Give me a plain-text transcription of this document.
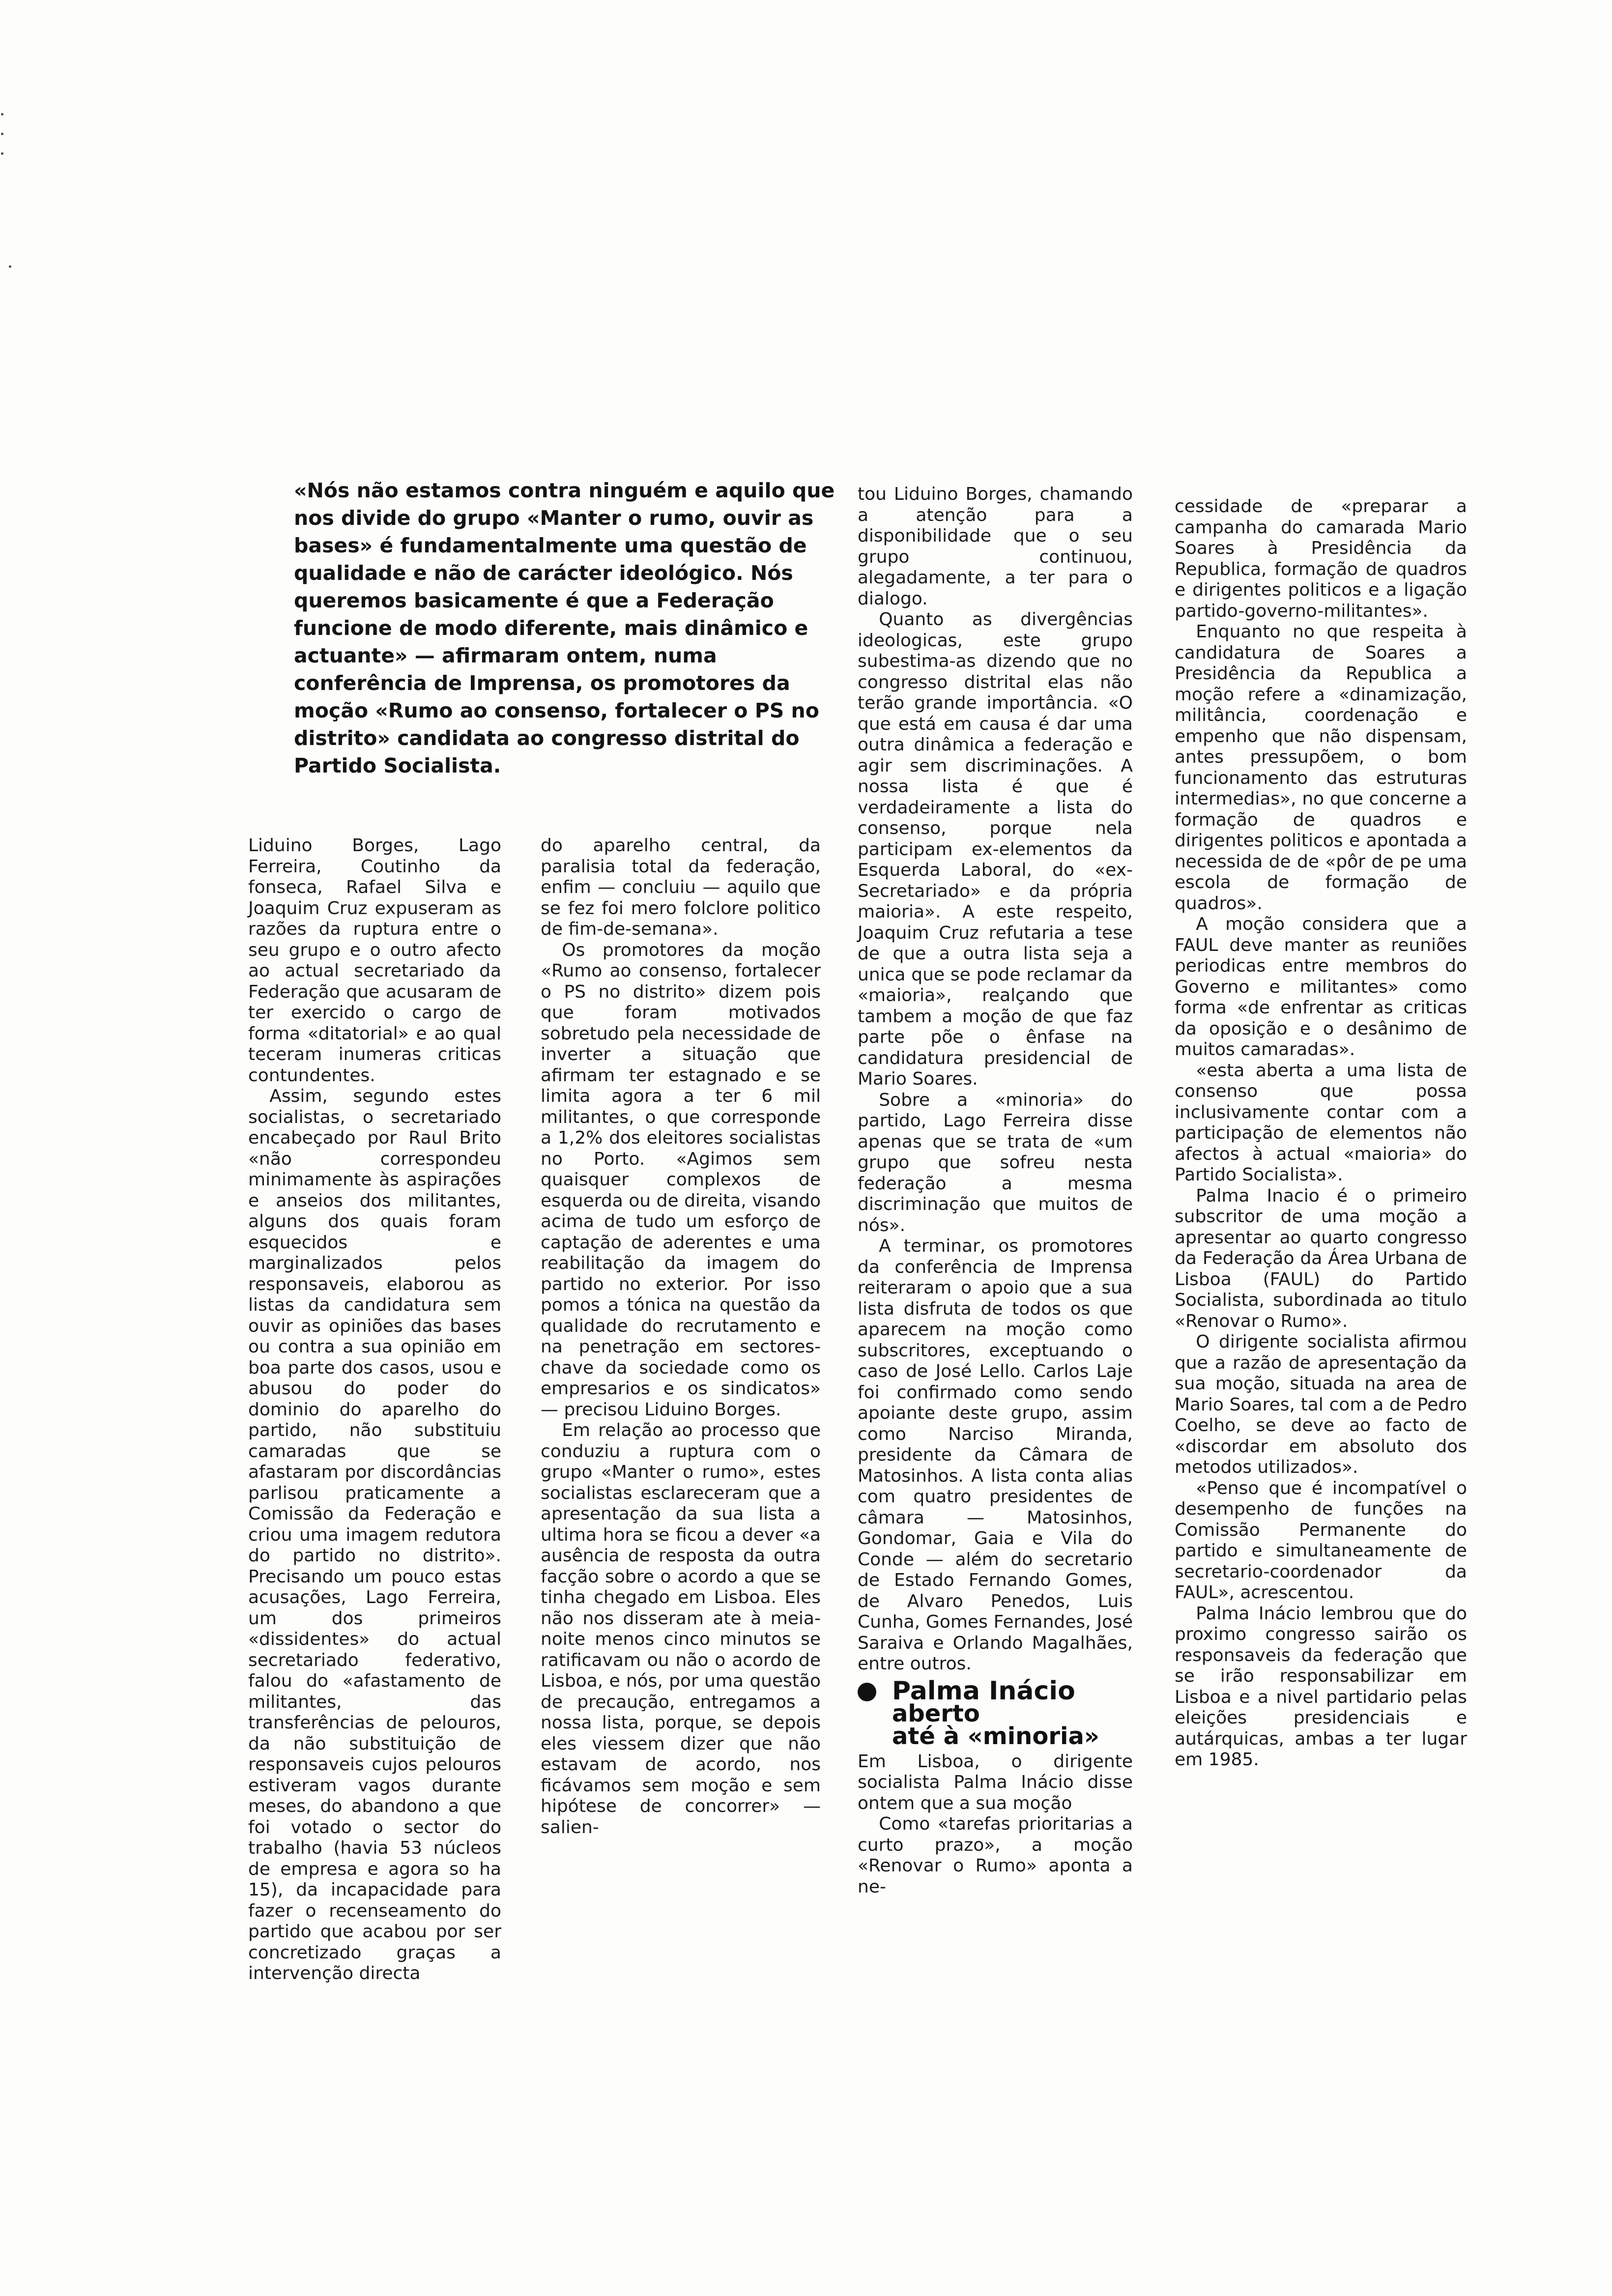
«Nós não estamos contra ninguém e aquilo que nos divide do grupo «Manter o rumo, ouvir as bases» é fundamentalmente uma questão de qualidade e não de carácter ideológico. Nós queremos basicamente é que a Federação funcione de modo diferente, mais dinâmico e actuante» — afirmaram ontem, numa conferência de Imprensa, os promotores da moção «Rumo ao consenso, fortalecer o PS no distrito» candidata ao congresso distrital do Partido Socialista.

Liduino Borges, Lago Ferreira, Coutinho da fonseca, Rafael Silva e Joaquim Cruz expuseram as razões da ruptura entre o seu grupo e o outro afecto ao actual secretariado da Federação que acusaram de ter exercido o cargo de forma «ditatorial» e ao qual teceram inumeras criticas contundentes.

Assim, segundo estes socialistas, o secretariado encabeçado por Raul Brito «não correspondeu minimamente às aspirações e anseios dos militantes, alguns dos quais foram esquecidos e marginalizados pelos responsaveis, elaborou as listas da candidatura sem ouvir as opiniões das bases ou contra a sua opinião em boa parte dos casos, usou e abusou do poder do dominio do aparelho do partido, não substituiu camaradas que se afastaram por discordâncias parlisou praticamente a Comissão da Federação e criou uma imagem redutora do partido no distrito». Precisando um pouco estas acusações, Lago Ferreira, um dos primeiros «dissidentes» do actual secretariado federativo, falou do «afastamento de militantes, das transferências de pelouros, da não substituição de responsaveis cujos pelouros estiveram vagos durante meses, do abandono a que foi votado o sector do trabalho (havia 53 núcleos de empresa e agora so ha 15), da incapacidade para fazer o recenseamento do partido que acabou por ser concretizado graças a intervenção directa

do aparelho central, da paralisia total da federação, enfim — concluiu — aquilo que se fez foi mero folclore politico de fim-de-semana».

Os promotores da moção «Rumo ao consenso, fortalecer o PS no distrito» dizem pois que foram motivados sobretudo pela necessidade de inverter a situação que afirmam ter estagnado e se limita agora a ter 6 mil militantes, o que corresponde a 1,2% dos eleitores socialistas no Porto. «Agimos sem quaisquer complexos de esquerda ou de direita, visando acima de tudo um esforço de captação de aderentes e uma reabilitação da imagem do partido no exterior. Por isso pomos a tónica na questão da qualidade do recrutamento e na penetração em sectores-chave da sociedade como os empresarios e os sindicatos» — precisou Liduino Borges.

Em relação ao processo que conduziu a ruptura com o grupo «Manter o rumo», estes socialistas esclareceram que a apresentação da sua lista a ultima hora se ficou a dever «a ausência de resposta da outra facção sobre o acordo a que se tinha chegado em Lisboa. Eles não nos disseram ate à meia-noite menos cinco minutos se ratificavam ou não o acordo de Lisboa, e nós, por uma questão de precaução, entregamos a nossa lista, porque, se depois eles viessem dizer que não estavam de acordo, nos ficávamos sem moção e sem hipótese de concorrer» — salien-

tou Liduino Borges, chamando a atenção para a disponibilidade que o seu grupo continuou, alegadamente, a ter para o dialogo.

Quanto as divergências ideologicas, este grupo subestima-as dizendo que no congresso distrital elas não terão grande importância. «O que está em causa é dar uma outra dinâmica a federação e agir sem discriminações. A nossa lista é que é verdadeiramente a lista do consenso, porque nela participam ex-elementos da Esquerda Laboral, do «ex-Secretariado» e da própria maioria». A este respeito, Joaquim Cruz refutaria a tese de que a outra lista seja a unica que se pode reclamar da «maioria», realçando que tambem a moção de que faz parte põe o ênfase na candidatura presidencial de Mario Soares.

Sobre a «minoria» do partido, Lago Ferreira disse apenas que se trata de «um grupo que sofreu nesta federação a mesma discriminação que muitos de nós».

A terminar, os promotores da conferência de Imprensa reiteraram o apoio que a sua lista disfruta de todos os que aparecem na moção como subscritores, exceptuando o caso de José Lello. Carlos Laje foi confirmado como sendo apoiante deste grupo, assim como Narciso Miranda, presidente da Câmara de Matosinhos. A lista conta alias com quatro presidentes de câmara — Matosinhos, Gondomar, Gaia e Vila do Conde — além do secretario de Estado Fernando Gomes, de Alvaro Penedos, Luis Cunha, Gomes Fernandes, José Saraiva e Orlando Magalhães, entre outros.

Palma Inácio
aberto
até à «minoria»

Em Lisboa, o dirigente socialista Palma Inácio disse ontem que a sua moção

Como «tarefas prioritarias a curto prazo», a moção «Renovar o Rumo» aponta a ne-

cessidade de «preparar a campanha do camarada Mario Soares à Presidência da Republica, formação de quadros e dirigentes politicos e a ligação partido-governo-militantes».

Enquanto no que respeita à candidatura de Soares a Presidência da Republica a moção refere a «dinamização, militância, coordenação e empenho que não dispensam, antes pressupõem, o bom funcionamento das estruturas intermedias», no que concerne a formação de quadros e dirigentes politicos e apontada a necessida de de «pôr de pe uma escola de formação de quadros».

A moção considera que a FAUL deve manter as reuniões periodicas entre membros do Governo e militantes» como forma «de enfrentar as criticas da oposição e o desânimo de muitos camaradas».

«esta aberta a uma lista de consenso que possa inclusivamente contar com a participação de elementos não afectos à actual «maioria» do Partido Socialista».

Palma Inacio é o primeiro subscritor de uma moção a apresentar ao quarto congresso da Federação da Área Urbana de Lisboa (FAUL) do Partido Socialista, subordinada ao titulo «Renovar o Rumo».

O dirigente socialista afirmou que a razão de apresentação da sua moção, situada na area de Mario Soares, tal com a de Pedro Coelho, se deve ao facto de «discordar em absoluto dos metodos utilizados».

«Penso que é incompatível o desempenho de funções na Comissão Permanente do partido e simultaneamente de secretario-coordenador da FAUL», acrescentou.

Palma Inácio lembrou que do proximo congresso sairão os responsaveis da federação que se irão responsabilizar em Lisboa e a nivel partidario pelas eleições presidenciais e autárquicas, ambas a ter lugar em 1985.
